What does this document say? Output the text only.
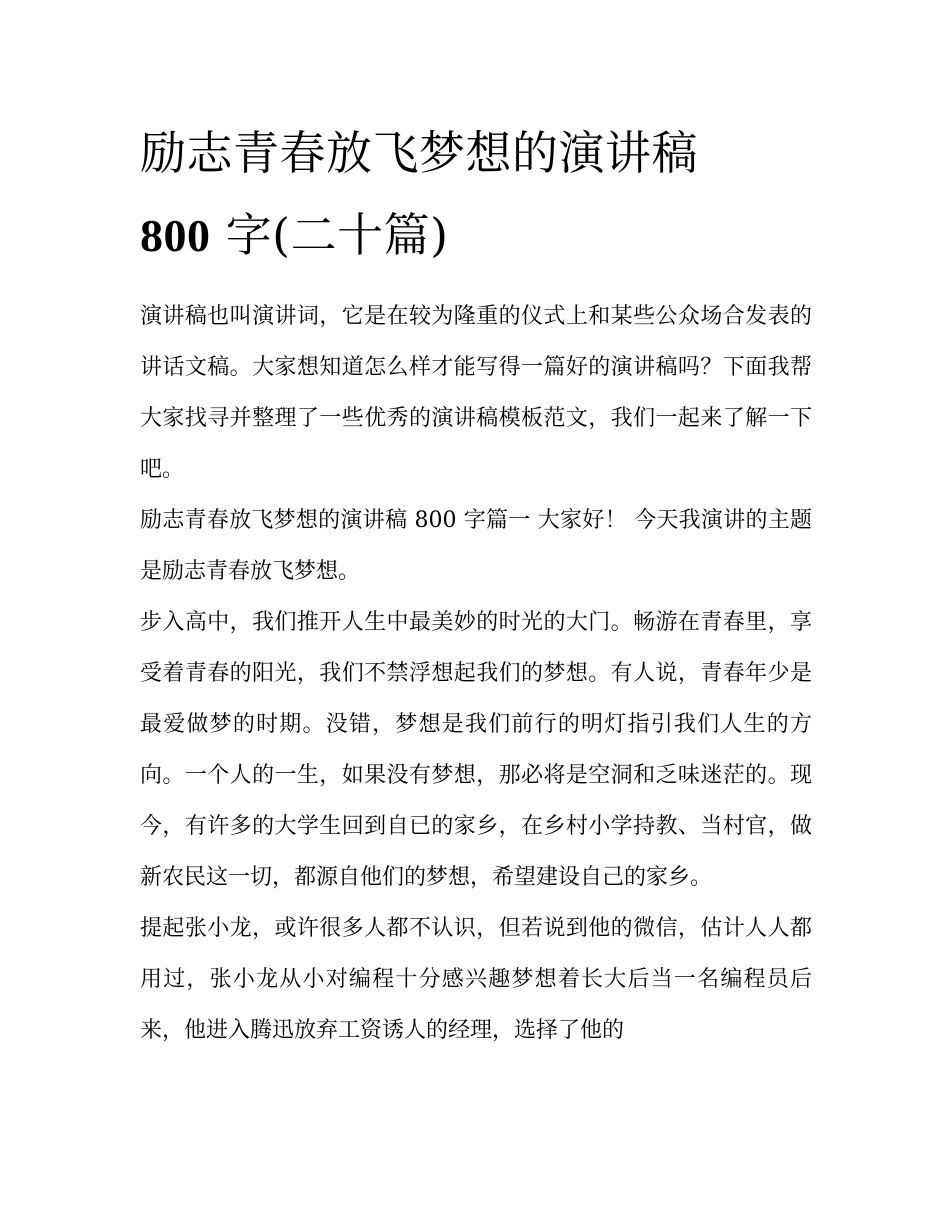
励志青春放飞梦想的演讲稿
800 字(二十篇)

演讲稿也叫演讲词，它是在较为隆重的仪式上和某些公众场合发表的讲话文稿。大家想知道怎么样才能写得一篇好的演讲稿吗？下面我帮大家找寻并整理了一些优秀的演讲稿模板范文，我们一起来了解一下吧。

励志青春放飞梦想的演讲稿 800 字篇一 大家好！ 今天我演讲的主题是励志青春放飞梦想。

步入高中，我们推开人生中最美妙的时光的大门。畅游在青春里，享受着青春的阳光，我们不禁浮想起我们的梦想。有人说，青春年少是最爱做梦的时期。没错，梦想是我们前行的明灯指引我们人生的方向。一个人的一生，如果没有梦想，那必将是空洞和乏味迷茫的。现今，有许多的大学生回到自已的家乡，在乡村小学持教、当村官，做新农民这一切，都源自他们的梦想，希望建设自己的家乡。

提起张小龙，或许很多人都不认识，但若说到他的微信，估计人人都用过，张小龙从小对编程十分感兴趣梦想着长大后当一名编程员后来，他进入腾迅放弃工资诱人的经理，选择了他的
